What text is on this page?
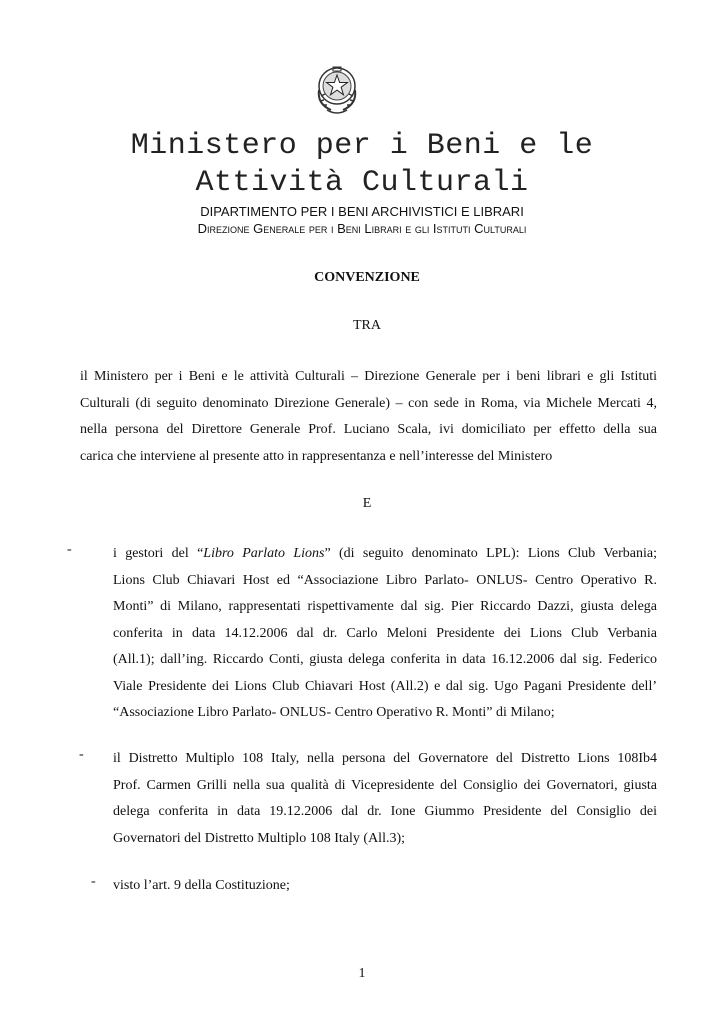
Ministero per i Beni e le
Attività Culturali
DIPARTIMENTO PER I BENI ARCHIVISTICI E LIBRARI
Direzione Generale per i Beni Librari e gli Istituti Culturali
CONVENZIONE
TRA
il Ministero per i Beni e le attività Culturali – Direzione Generale per i beni librari e gli Istituti
Culturali (di seguito denominato Direzione Generale) – con sede in Roma, via Michele Mercati 4,
nella persona del Direttore Generale Prof. Luciano Scala, ivi domiciliato per effetto della sua
carica che interviene al presente atto in rappresentanza e nell’interesse del Ministero
E
-	i gestori del “Libro Parlato Lions” (di seguito denominato LPL): Lions Club Verbania;
Lions Club Chiavari Host ed “Associazione Libro Parlato- ONLUS- Centro Operativo R.
Monti” di Milano, rappresentati rispettivamente dal sig. Pier Riccardo Dazzi, giusta delega
conferita in data 14.12.2006 dal dr. Carlo Meloni Presidente dei Lions Club Verbania
(All.1); dall’ing. Riccardo Conti, giusta delega conferita in data 16.12.2006 dal sig. Federico
Viale Presidente dei Lions Club Chiavari Host (All.2) e dal sig. Ugo Pagani Presidente dell’
“Associazione Libro Parlato- ONLUS- Centro Operativo R. Monti” di Milano;
- il Distretto Multiplo 108 Italy, nella persona del Governatore del Distretto Lions 108Ib4
Prof. Carmen Grilli nella sua qualità di Vicepresidente del Consiglio dei Governatori, giusta
delega conferita in data 19.12.2006 dal dr. Ione Giummo Presidente del Consiglio dei
Governatori del Distretto Multiplo 108 Italy (All.3);
- visto l’art. 9 della Costituzione;
1
